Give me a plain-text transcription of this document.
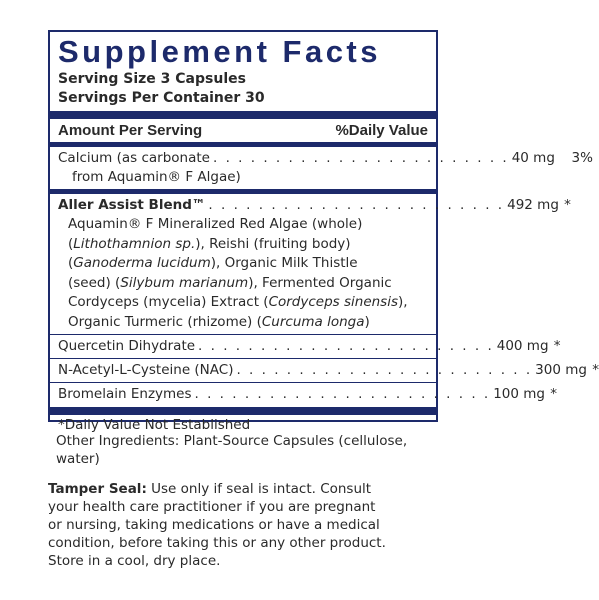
Supplement Facts
Serving Size 3 Capsules
Servings Per Container 30
Amount Per Serving	%Daily Value
Calcium (as carbonate . . . . . . . . . . . . . . . . . . . . . . . . 40 mg	3%
from Aquamin® F Algae)
Aller Assist Blend™ . . . . . . . . . . . . . . . . . . . . . . . . 492 mg *
Aquamin® F Mineralized Red Algae (whole)
(Lithothamnion sp.), Reishi (fruiting body)
(Ganoderma lucidum), Organic Milk Thistle
(seed) (Silybum marianum), Fermented Organic
Cordyceps (mycelia) Extract (Cordyceps sinensis),
Organic Turmeric (rhizome) (Curcuma longa)
Quercetin Dihydrate . . . . . . . . . . . . . . . . . . . . . . . . 400 mg *
N-Acetyl-L-Cysteine (NAC) . . . . . . . . . . . . . . . . . . . . . . . . 300 mg *
Bromelain Enzymes . . . . . . . . . . . . . . . . . . . . . . . . 100 mg *
*Daily Value Not Established
Other Ingredients: Plant-Source Capsules (cellulose,
water)
Tamper Seal: Use only if seal is intact. Consult
your health care practitioner if you are pregnant
or nursing, taking medications or have a medical
condition, before taking this or any other product.
Store in a cool, dry place.
